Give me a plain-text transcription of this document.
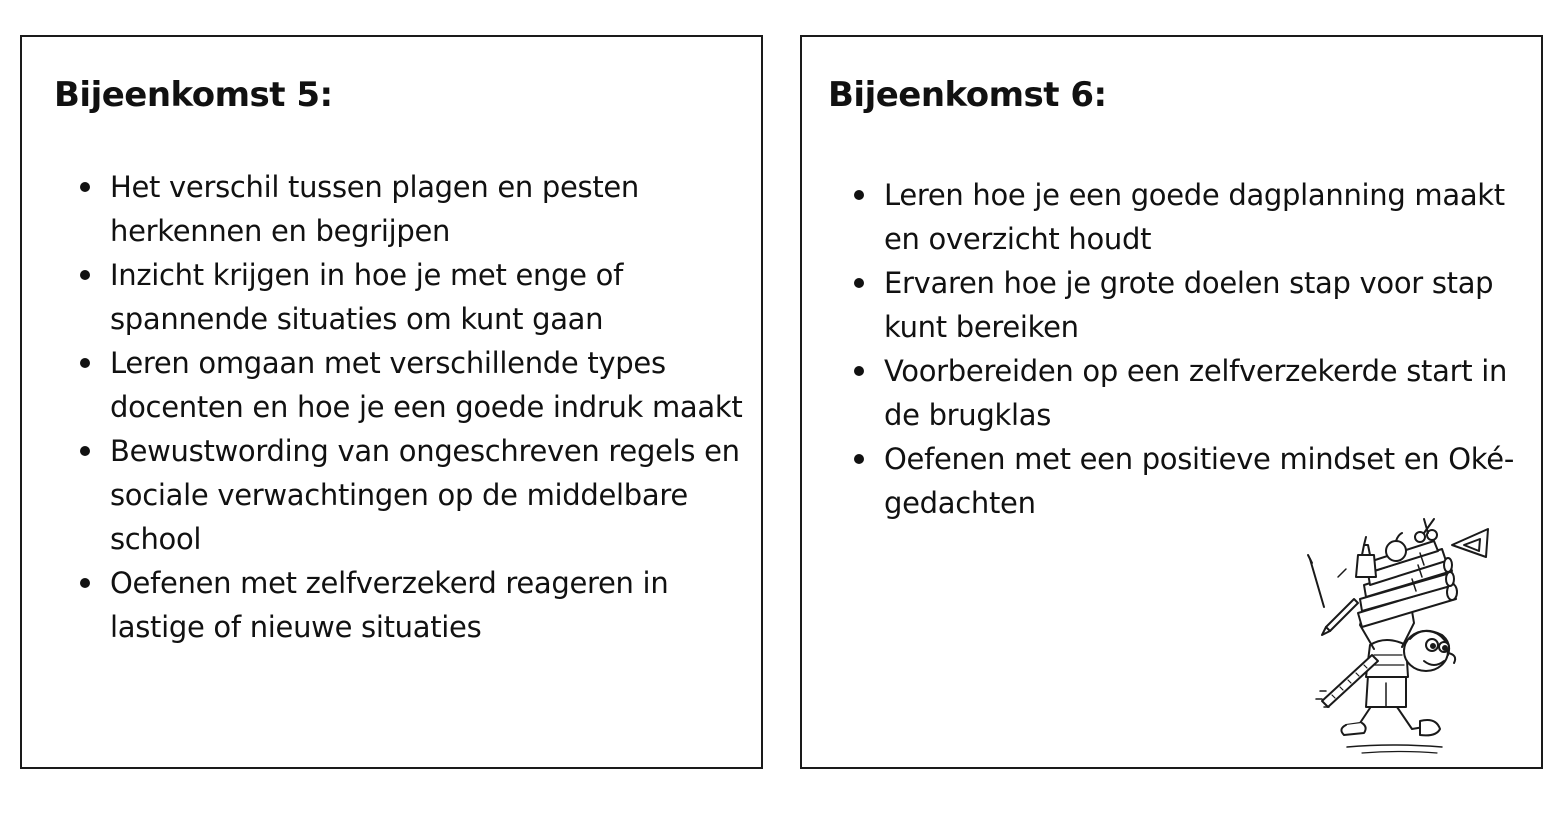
Bijeenkomst 5:
Het verschil tussen plagen en pesten herkennen en begrijpen
Inzicht krijgen in hoe je met enge of spannende situaties om kunt gaan
Leren omgaan met verschillende types docenten en hoe je een goede indruk maakt
Bewustwording van ongeschreven regels en sociale verwachtingen op de middelbare school
Oefenen met zelfverzekerd reageren in lastige of nieuwe situaties
Bijeenkomst 6:
Leren hoe je een goede dagplanning maakt en overzicht houdt
Ervaren hoe je grote doelen stap voor stap kunt bereiken
Voorbereiden op een zelfverzekerde start in de brugklas
Oefenen met een positieve mindset en Oké-gedachten
